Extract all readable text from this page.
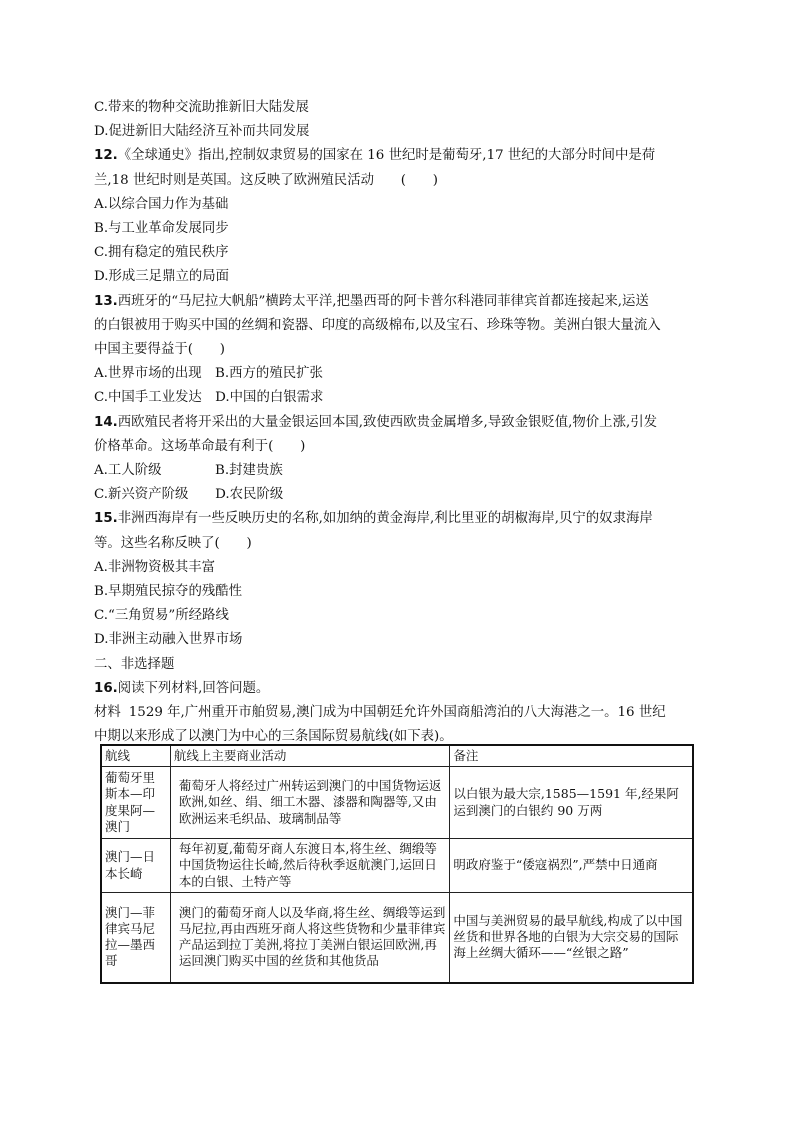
C.带来的物种交流助推新旧大陆发展
D.促进新旧大陆经济互补而共同发展
12.《全球通史》指出,控制奴隶贸易的国家在 16 世纪时是葡萄牙,17 世纪的大部分时间中是荷
兰,18 世纪时则是英国。这反映了欧洲殖民活动　　(　　)
A.以综合国力作为基础
B.与工业革命发展同步
C.拥有稳定的殖民秩序
D.形成三足鼎立的局面
13.西班牙的“马尼拉大帆船”横跨太平洋,把墨西哥的阿卡普尔科港同菲律宾首都连接起来,运送
的白银被用于购买中国的丝绸和瓷器、印度的高级棉布,以及宝石、珍珠等物。美洲白银大量流入
中国主要得益于(　　)
A.世界市场的出现　B.西方的殖民扩张
C.中国手工业发达　D.中国的白银需求
14.西欧殖民者将开采出的大量金银运回本国,致使西欧贵金属增多,导致金银贬值,物价上涨,引发
价格革命。这场革命最有利于(　　)
A.工人阶级　　　　B.封建贵族
C.新兴资产阶级　　D.农民阶级
15.非洲西海岸有一些反映历史的名称,如加纳的黄金海岸,利比里亚的胡椒海岸,贝宁的奴隶海岸
等。这些名称反映了(　　)
A.非洲物资极其丰富
B.早期殖民掠夺的残酷性
C.“三角贸易”所经路线
D.非洲主动融入世界市场
二、非选择题
16.阅读下列材料,回答问题。
材料 1529 年,广州重开市舶贸易,澳门成为中国朝廷允许外国商船湾泊的八大海港之一。16 世纪
中期以来形成了以澳门为中心的三条国际贸易航线(如下表)。
航线	航线上主要商业活动	备注
葡萄牙里斯本—印度果阿—澳门	葡萄牙人将经过广州转运到澳门的中国货物运返欧洲,如丝、绢、细工木器、漆器和陶器等,又由欧洲运来毛织品、玻璃制品等	以白银为最大宗,1585—1591 年,经果阿运到澳门的白银约 90 万两
澳门—日本长崎	每年初夏,葡萄牙商人东渡日本,将生丝、绸缎等中国货物运往长崎,然后待秋季返航澳门,运回日本的白银、土特产等	明政府鉴于“倭寇祸烈”,严禁中日通商
澳门—菲律宾马尼拉—墨西哥	澳门的葡萄牙商人以及华商,将生丝、绸缎等运到马尼拉,再由西班牙商人将这些货物和少量菲律宾产品运到拉丁美洲,将拉丁美洲白银运回欧洲,再运回澳门购买中国的丝货和其他货品	中国与美洲贸易的最早航线,构成了以中国丝货和世界各地的白银为大宗交易的国际海上丝绸大循环——“丝银之路”
